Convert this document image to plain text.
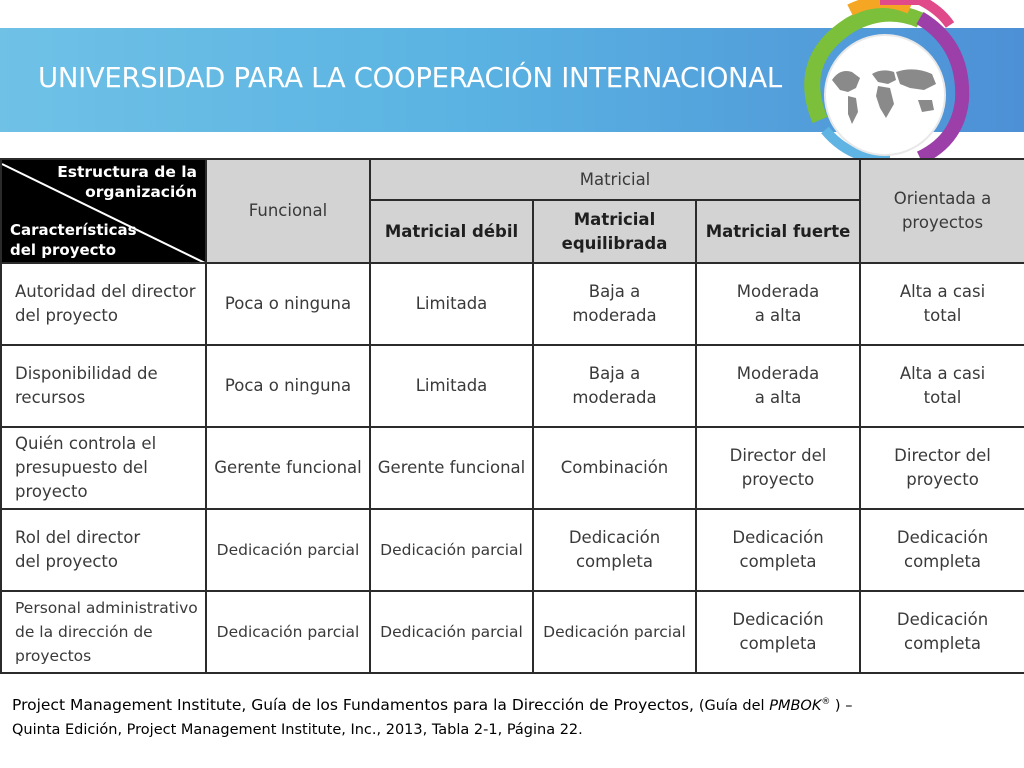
UNIVERSIDAD PARA LA COOPERACIÓN INTERNACIONAL
Estructura de la organización
Características del proyecto	Funcional	Matricial			Orientada a proyectos
		Matricial débil	Matricial equilibrada	Matricial fuerte	
Autoridad del director del proyecto	Poca o ninguna	Limitada	Baja a moderada	Moderada a alta	Alta a casi total
Disponibilidad de recursos	Poca o ninguna	Limitada	Baja a moderada	Moderada a alta	Alta a casi total
Quién controla el presupuesto del proyecto	Gerente funcional	Gerente funcional	Combinación	Director del proyecto	Director del proyecto
Rol del director del proyecto	Dedicación parcial	Dedicación parcial	Dedicación completa	Dedicación completa	Dedicación completa
Personal administrativo de la dirección de proyectos	Dedicación parcial	Dedicación parcial	Dedicación parcial	Dedicación completa	Dedicación completa
Project Management Institute, Guía de los Fundamentos para la Dirección de Proyectos, (Guía del PMBOK® ) –
Quinta Edición, Project Management Institute, Inc., 2013, Tabla 2-1, Página 22.
